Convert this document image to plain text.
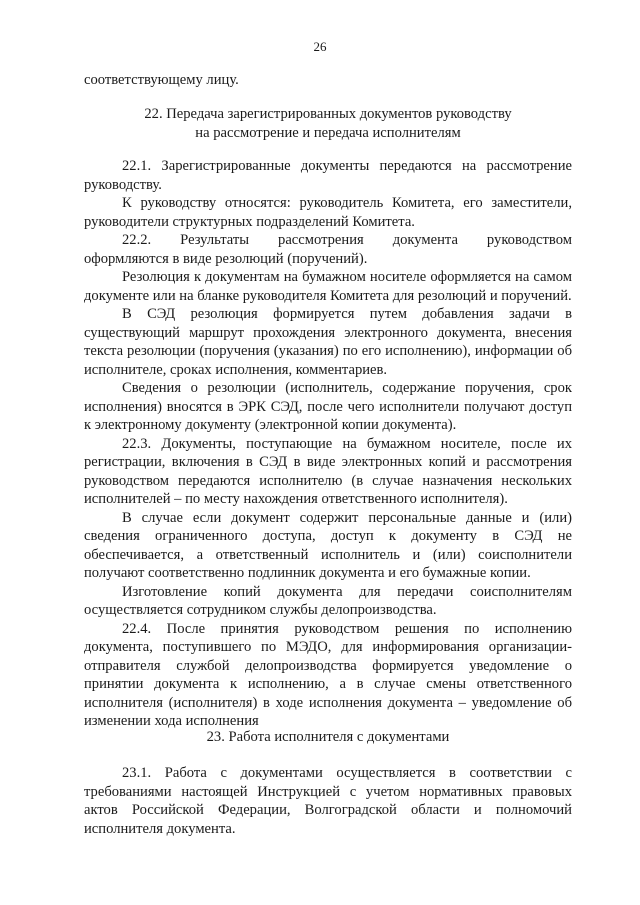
26

соответствующему лицу.

22. Передача зарегистрированных документов руководству
на рассмотрение и передача исполнителям

22.1. Зарегистрированные документы передаются на рассмотрение руководству.

К руководству относятся: руководитель Комитета, его заместители, руководители структурных подразделений Комитета.

22.2. Результаты рассмотрения документа руководством

оформляются в виде резолюций (поручений).

Резолюция к документам на бумажном носителе оформляется на самом документе или на бланке руководителя Комитета для резолюций и поручений.

В СЭД резолюция формируется путем добавления задачи в существующий маршрут прохождения электронного документа, внесения текста резолюции (поручения (указания) по его исполнению), информации об исполнителе, сроках исполнения, комментариев.

Сведения о резолюции (исполнитель, содержание поручения, срок исполнения) вносятся в ЭРК СЭД, после чего исполнители получают доступ к электронному документу (электронной копии документа).

22.3. Документы, поступающие на бумажном носителе, после их регистрации, включения в СЭД в виде электронных копий и рассмотрения руководством передаются исполнителю (в случае назначения нескольких исполнителей – по месту нахождения ответственного исполнителя).

В случае если документ содержит персональные данные и (или) сведения ограниченного доступа, доступ к документу в СЭД не обеспечивается, а ответственный исполнитель и (или) соисполнители получают соответственно подлинник документа и его бумажные копии.

Изготовление копий документа для передачи соисполнителям осуществляется сотрудником службы делопроизводства.

22.4. После принятия руководством решения по исполнению документа, поступившего по МЭДО, для информирования организации-отправителя службой делопроизводства формируется уведомление о принятии документа к исполнению, а в случае смены ответственного исполнителя (исполнителя) в ходе исполнения документа – уведомление об изменении хода исполнения

23. Работа исполнителя с документами

23.1. Работа с документами осуществляется в соответствии с требованиями настоящей Инструкцией с учетом нормативных правовых актов Российской Федерации, Волгоградской области и полномочий исполнителя документа.
